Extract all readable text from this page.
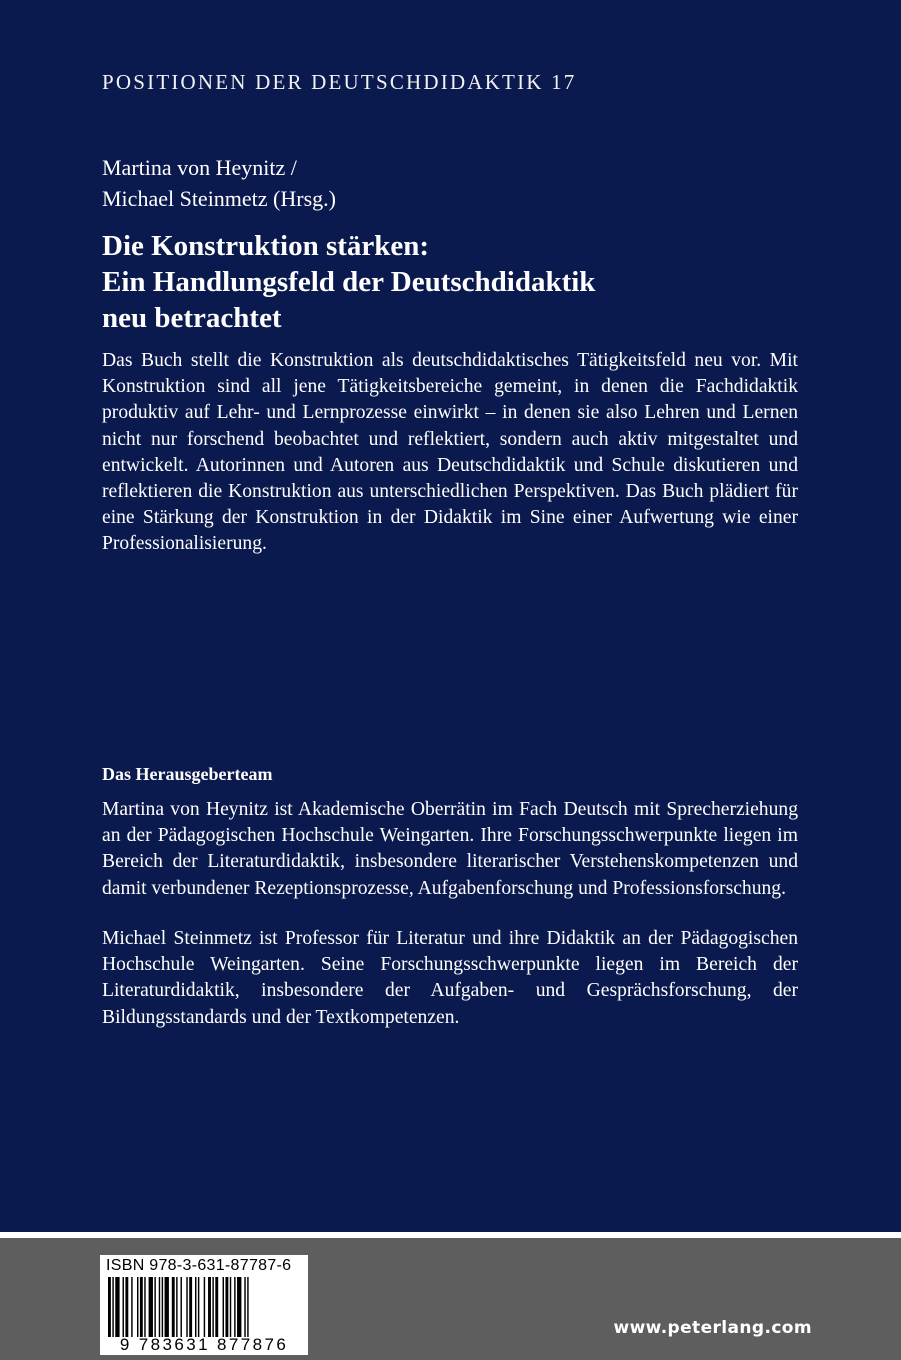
POSITIONEN DER DEUTSCHDIDAKTIK 17
Martina von Heynitz /
Michael Steinmetz (Hrsg.)
Die Konstruktion stärken:
Ein Handlungsfeld der Deutschdidaktik
neu betrachtet

Das Buch stellt die Konstruktion als deutschdidaktisches Tätigkeitsfeld neu vor. Mit Konstruktion sind all jene Tätigkeitsbereiche gemeint, in denen die Fachdidaktik produktiv auf Lehr- und Lernprozesse einwirkt – in denen sie also Lehren und Lernen nicht nur forschend beobachtet und reflektiert, sondern auch aktiv mitgestaltet und entwickelt. Autorinnen und Autoren aus Deutschdidaktik und Schule diskutieren und reflektieren die Konstruktion aus unterschiedlichen Perspektiven. Das Buch plädiert für eine Stärkung der Konstruktion in der Didaktik im Sine einer Aufwertung wie einer Professionalisierung.

Das Herausgeberteam

Martina von Heynitz ist Akademische Oberrätin im Fach Deutsch mit Sprecherziehung an der Pädagogischen Hochschule Weingarten. Ihre Forschungsschwerpunkte liegen im Bereich der Literaturdidaktik, insbesondere literarischer Verstehenskompetenzen und damit verbundener Rezeptionsprozesse, Aufgabenforschung und Professionsforschung.

Michael Steinmetz ist Professor für Literatur und ihre Didaktik an der Pädagogischen Hochschule Weingarten. Seine Forschungsschwerpunkte liegen im Bereich der Literaturdidaktik, insbesondere der Aufgaben- und Gesprächsforschung, der Bildungsstandards und der Textkompetenzen.

ISBN 978-3-631-87787-6
9 783631 877876
www.peterlang.com
